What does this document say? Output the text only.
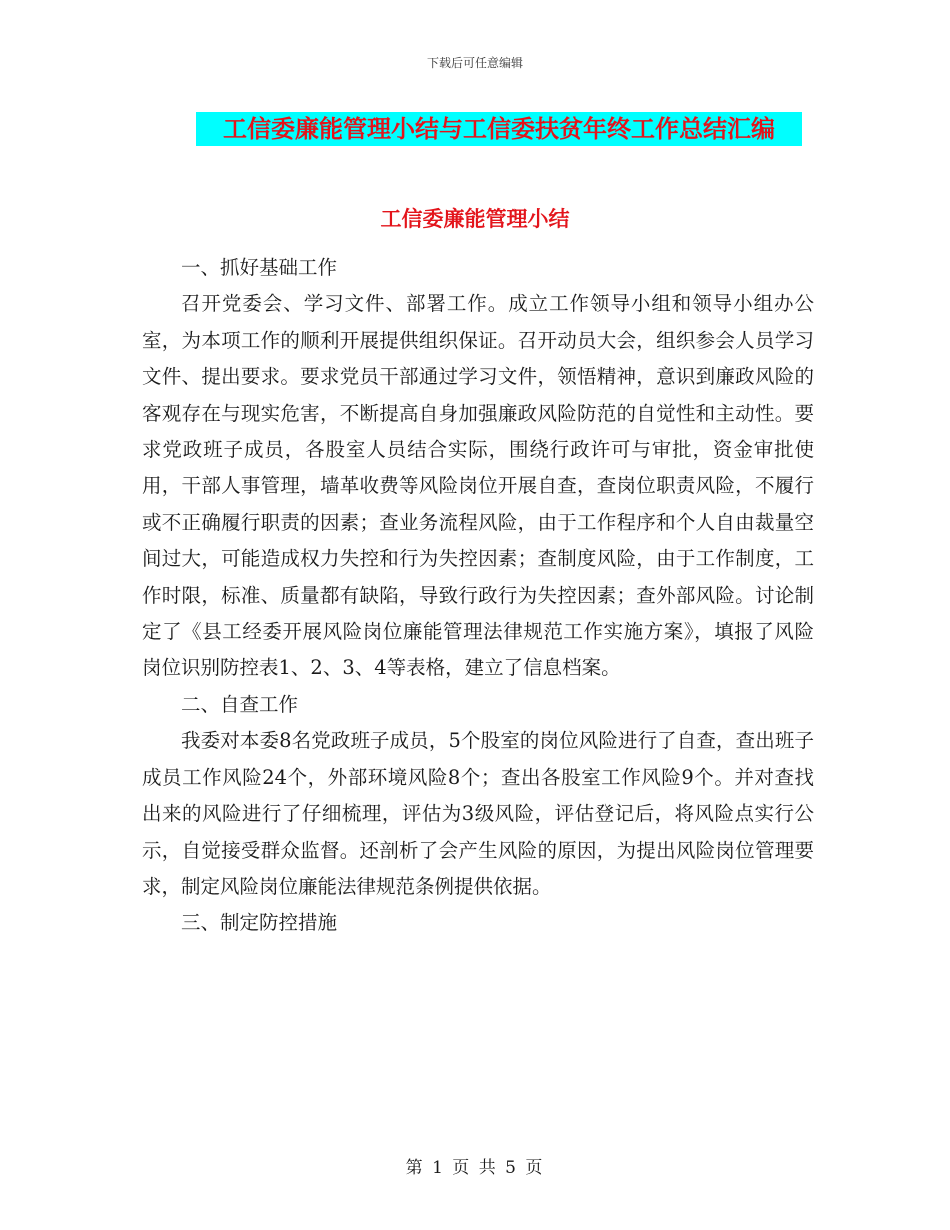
下载后可任意编辑
工信委廉能管理小结与工信委扶贫年终工作总结汇编
工信委廉能管理小结

一、抓好基础工作

召开党委会、学习文件、部署工作。成立工作领导小组和领导小组办公室，为本项工作的顺利开展提供组织保证。召开动员大会，组织参会人员学习文件、提出要求。要求党员干部通过学习文件，领悟精神，意识到廉政风险的客观存在与现实危害，不断提高自身加强廉政风险防范的自觉性和主动性。要求党政班子成员，各股室人员结合实际，围绕行政许可与审批，资金审批使用，干部人事管理，墙革收费等风险岗位开展自查，查岗位职责风险，不履行或不正确履行职责的因素；查业务流程风险，由于工作程序和个人自由裁量空间过大，可能造成权力失控和行为失控因素；查制度风险，由于工作制度，工作时限，标准、质量都有缺陷，导致行政行为失控因素；查外部风险。讨论制定了《县工经委开展风险岗位廉能管理法律规范工作实施方案》，填报了风险岗位识别防控表1、2、3、4等表格，建立了信息档案。

二、自查工作

我委对本委8名党政班子成员，5个股室的岗位风险进行了自查，查出班子成员工作风险24个，外部环境风险8个；查出各股室工作风险9个。并对查找出来的风险进行了仔细梳理，评估为3级风险，评估登记后，将风险点实行公示，自觉接受群众监督。还剖析了会产生风险的原因，为提出风险岗位管理要求，制定风险岗位廉能法律规范条例提供依据。

三、制定防控措施

第 1 页 共 5 页
